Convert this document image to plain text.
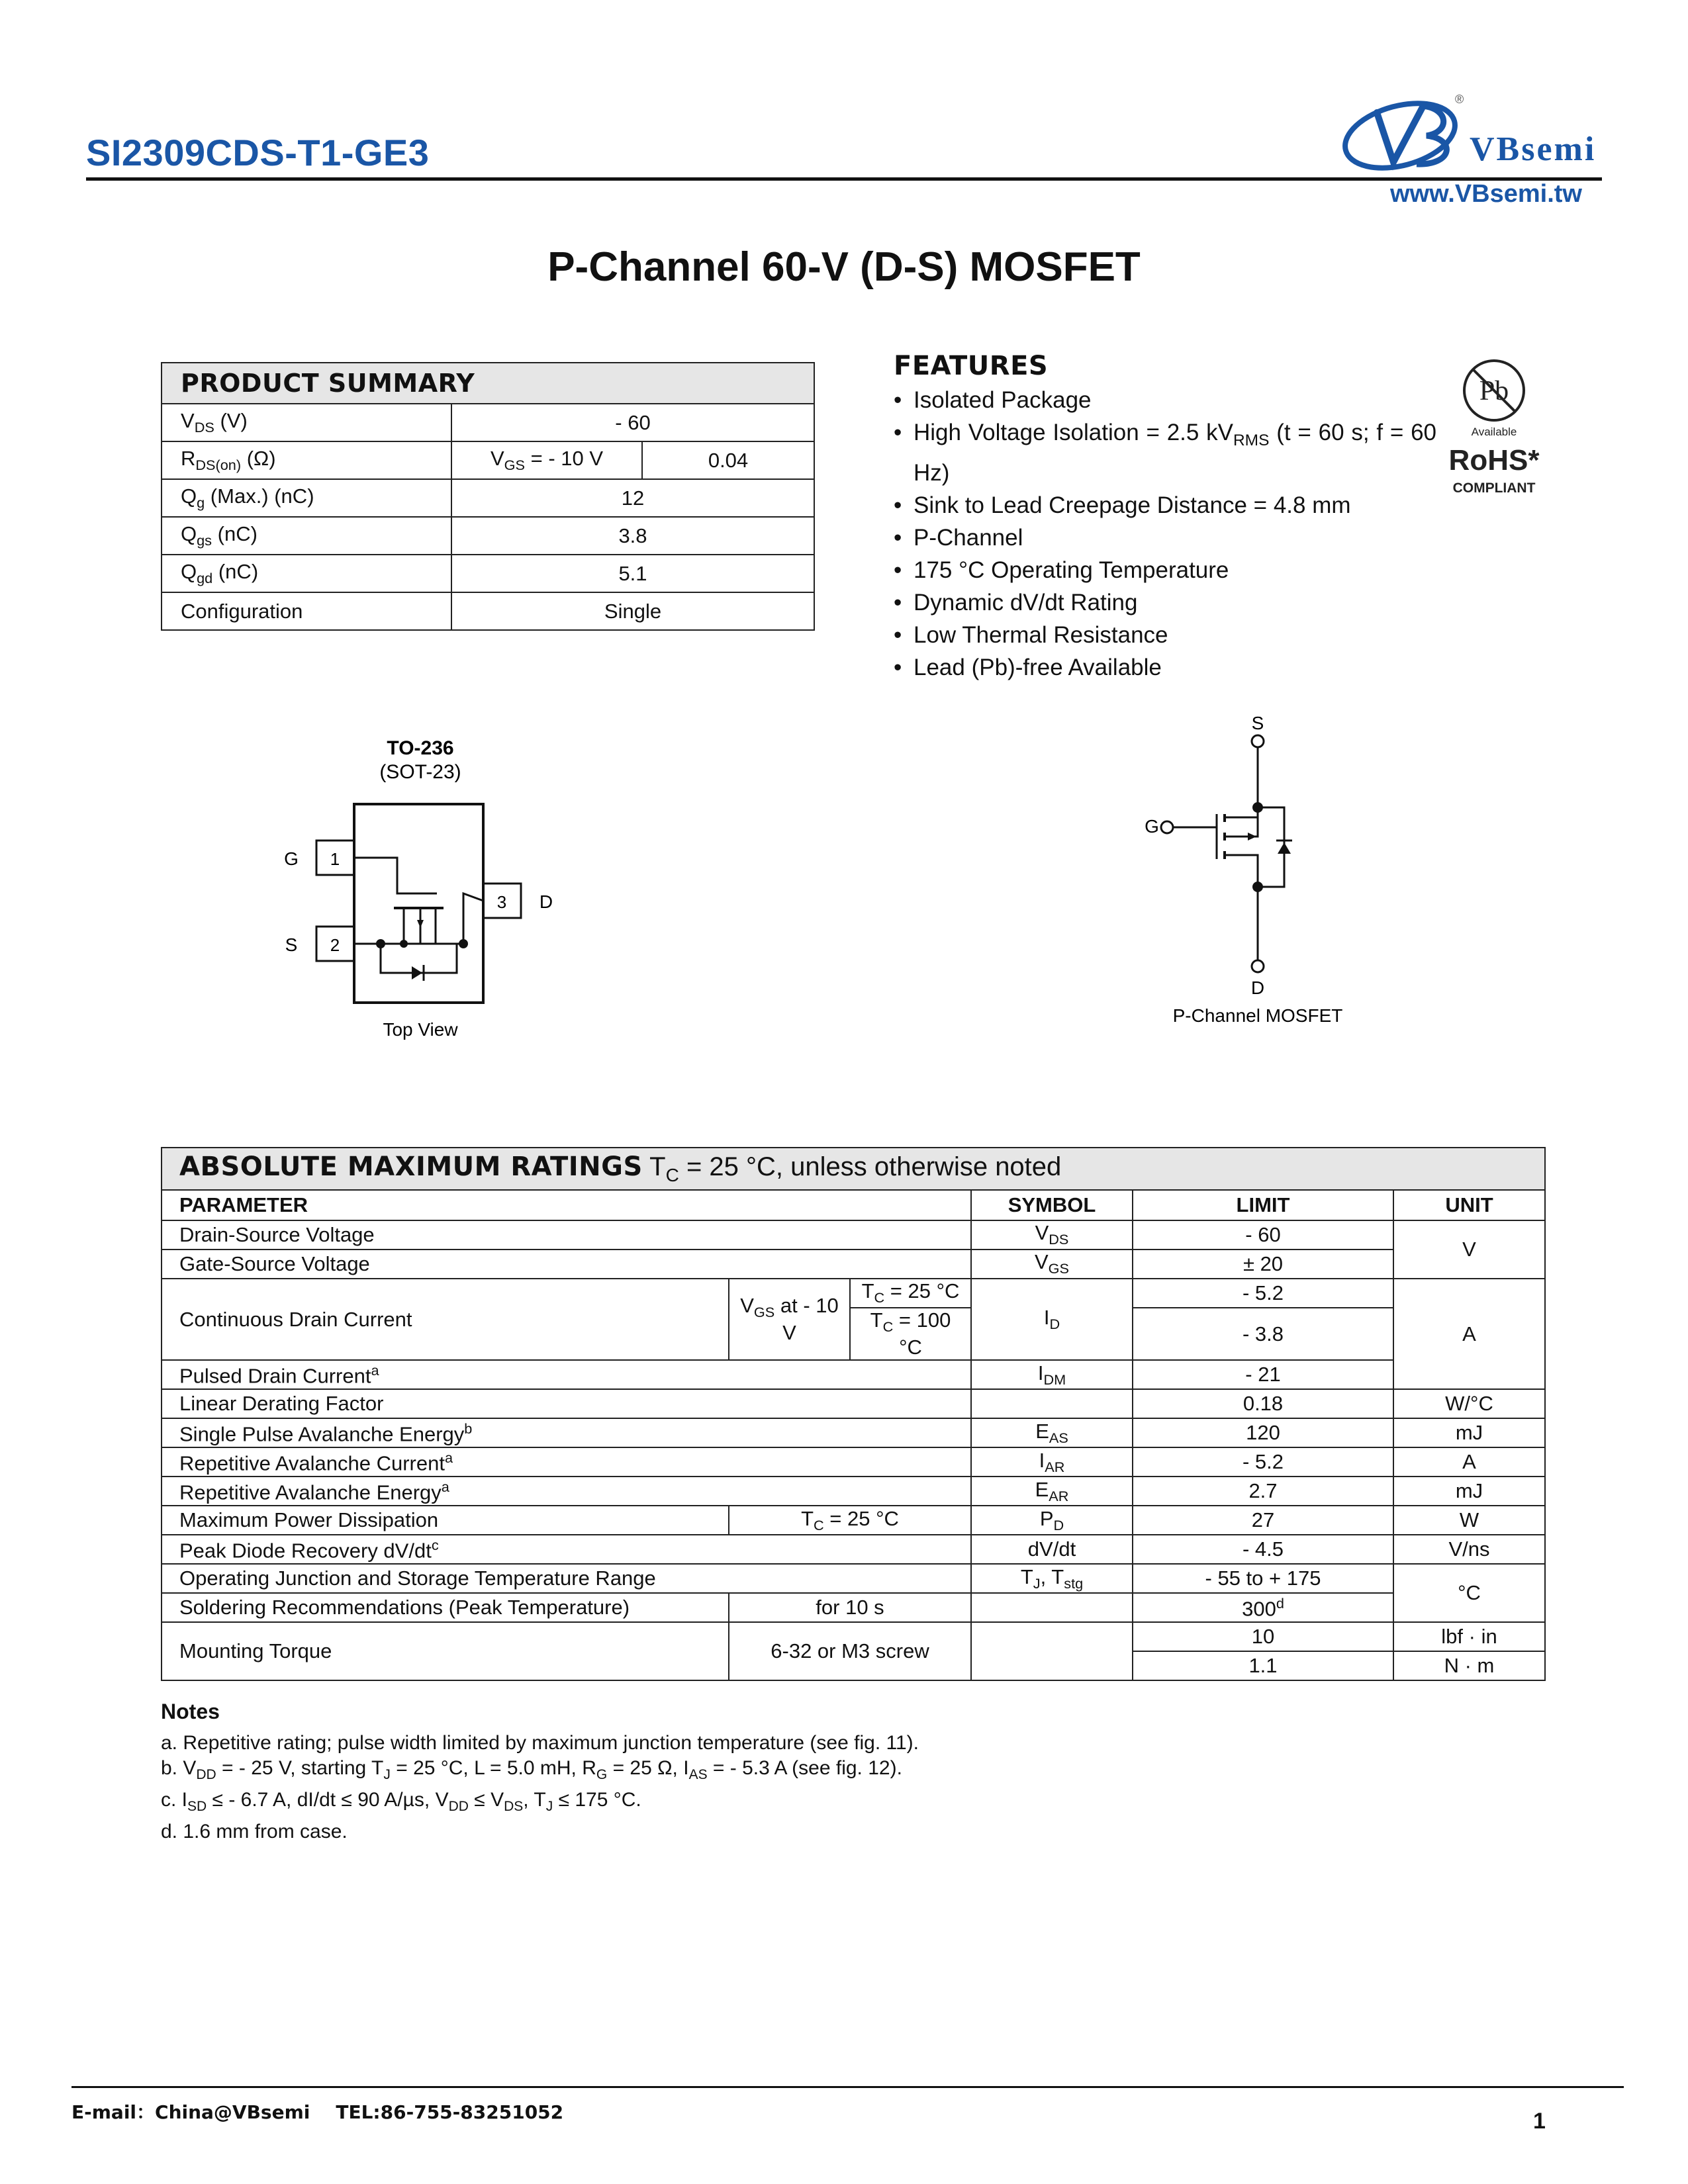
SI2309CDS-T1-GE3	VBsemi
®
www.VBsemi.tw
P-Channel 60-V (D-S) MOSFET
PRODUCT SUMMARY		
$V_{DS}$ (V)	- 60	
$R_{DS(on)}$ (Ω)	$V_{GS}$ = - 10 V	0.04
$Q_g$ (Max.) (nC)	12	
$Q_{gs}$ (nC)	3.8	
$Q_{gd}$ (nC)	5.1	
Configuration	Single	
FEATURES
• Isolated Package
• High Voltage Isolation = 2.5 $kV_{RMS}$ (t = 60 s; f = 60 Hz)
• Sink to Lead Creepage Distance = 4.8 mm
• P-Channel
• 175 °C Operating Temperature
• Dynamic dV/dt Rating
• Low Thermal Resistance
• Lead (Pb)-free Available
Pb
Available
RoHS*
COMPLIANT
TO-236
(SOT-23)
1
2
3
G
S
D
Top View
S
G
D
P-Channel MOSFET
ABSOLUTE MAXIMUM RATINGS $T_C = 25$ °C, unless otherwise noted					
PARAMETER			SYMBOL	LIMIT	UNIT
Drain-Source Voltage			$V_{DS}$	- 60	V
Gate-Source Voltage			$V_{GS}$	± 20	
Continuous Drain Current	$V_{GS}$ at - 10 V	$T_C = 25$ °C	$I_D$	- 5.2	A
		$T_C = 100$ °C		- 3.8	
Pulsed Drain Current$^a$			$I_{DM}$	- 21	
Linear Derating Factor				0.18	W/°C
Single Pulse Avalanche Energy$^b$			$E_{AS}$	120	mJ
Repetitive Avalanche Current$^a$			$I_{AR}$	- 5.2	A
Repetitive Avalanche Energy$^a$			$E_{AR}$	2.7	mJ
Maximum Power Dissipation	$T_C = 25$ °C		$P_D$	27	W
Peak Diode Recovery $dV/dt^c$			dV/dt	- 4.5	V/ns
Operating Junction and Storage Temperature Range			$T_J$, $T_{stg}$	- 55 to + 175	°C
Soldering Recommendations (Peak Temperature)	for 10 s			300$^d$
Mounting Torque	6-32 or M3 screw			10	lbf · in
				1.1	N · m
Notes
a. Repetitive rating; pulse width limited by maximum junction temperature (see fig. 11).
b. $V_{DD}$ = - 25 V, starting $T_J = 25$ °C, L = 5.0 mH, $R_G = 25$ Ω, $I_{AS}$ = - 5.3 A (see fig. 12).
c. $I_{SD}$ ≤ - 6.7 A, dI/dt ≤ 90 A/µs, $V_{DD} \le V_{DS}$, $T_J \le 175$ °C.
d. 1.6 mm from case.
E-mail：China@VBsemi    TEL:86-755-83251052	1
